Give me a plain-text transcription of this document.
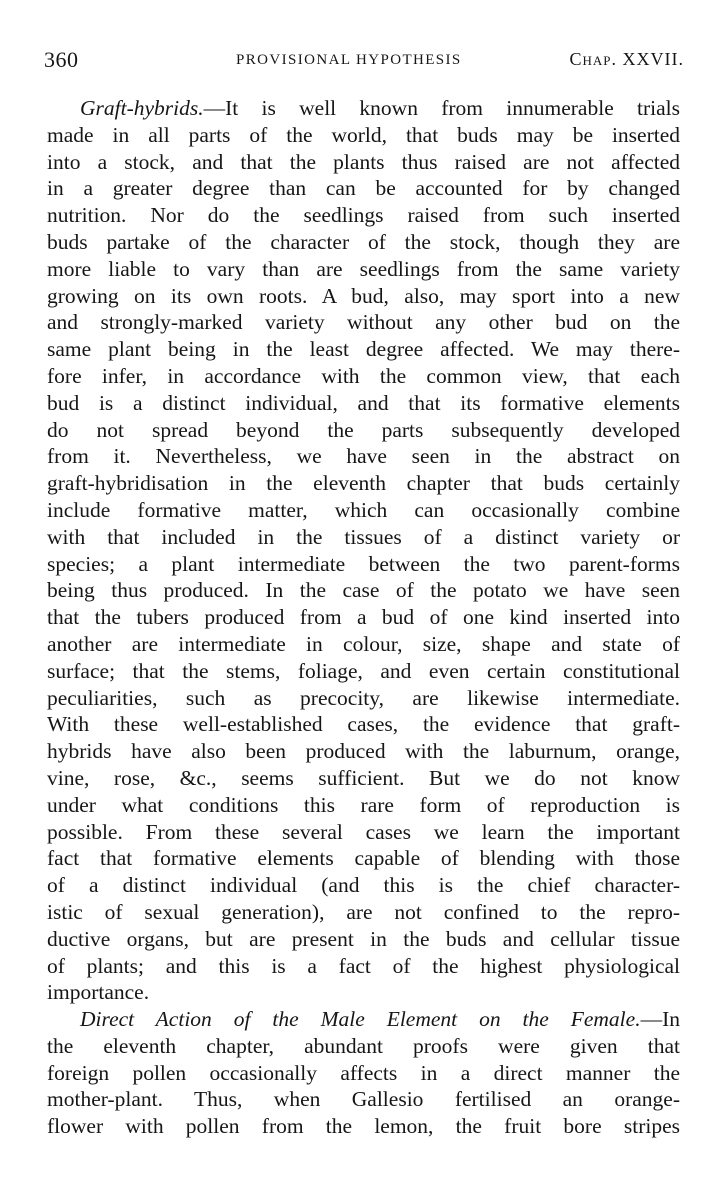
360	PROVISIONAL HYPOTHESIS	Chap. XXVII.
Graft-hybrids.—It is well known from innumerable trials
made in all parts of the world, that buds may be inserted
into a stock, and that the plants thus raised are not affected
in a greater degree than can be accounted for by changed
nutrition. Nor do the seedlings raised from such inserted
buds partake of the character of the stock, though they are
more liable to vary than are seedlings from the same variety
growing on its own roots. A bud, also, may sport into a new
and strongly-marked variety without any other bud on the
same plant being in the least degree affected. We may there-
fore infer, in accordance with the common view, that each
bud is a distinct individual, and that its formative elements
do not spread beyond the parts subsequently developed
from it. Nevertheless, we have seen in the abstract on
graft-hybridisation in the eleventh chapter that buds certainly
include formative matter, which can occasionally combine
with that included in the tissues of a distinct variety or
species; a plant intermediate between the two parent-forms
being thus produced. In the case of the potato we have seen
that the tubers produced from a bud of one kind inserted into
another are intermediate in colour, size, shape and state of
surface; that the stems, foliage, and even certain constitutional
peculiarities, such as precocity, are likewise intermediate.
With these well-established cases, the evidence that graft-
hybrids have also been produced with the laburnum, orange,
vine, rose, &c., seems sufficient. But we do not know
under what conditions this rare form of reproduction is
possible. From these several cases we learn the important
fact that formative elements capable of blending with those
of a distinct individual (and this is the chief character-
istic of sexual generation), are not confined to the repro-
ductive organs, but are present in the buds and cellular tissue
of plants; and this is a fact of the highest physiological
importance.
Direct Action of the Male Element on the Female.—In
the eleventh chapter, abundant proofs were given that
foreign pollen occasionally affects in a direct manner the
mother-plant. Thus, when Gallesio fertilised an orange-
flower with pollen from the lemon, the fruit bore stripes
